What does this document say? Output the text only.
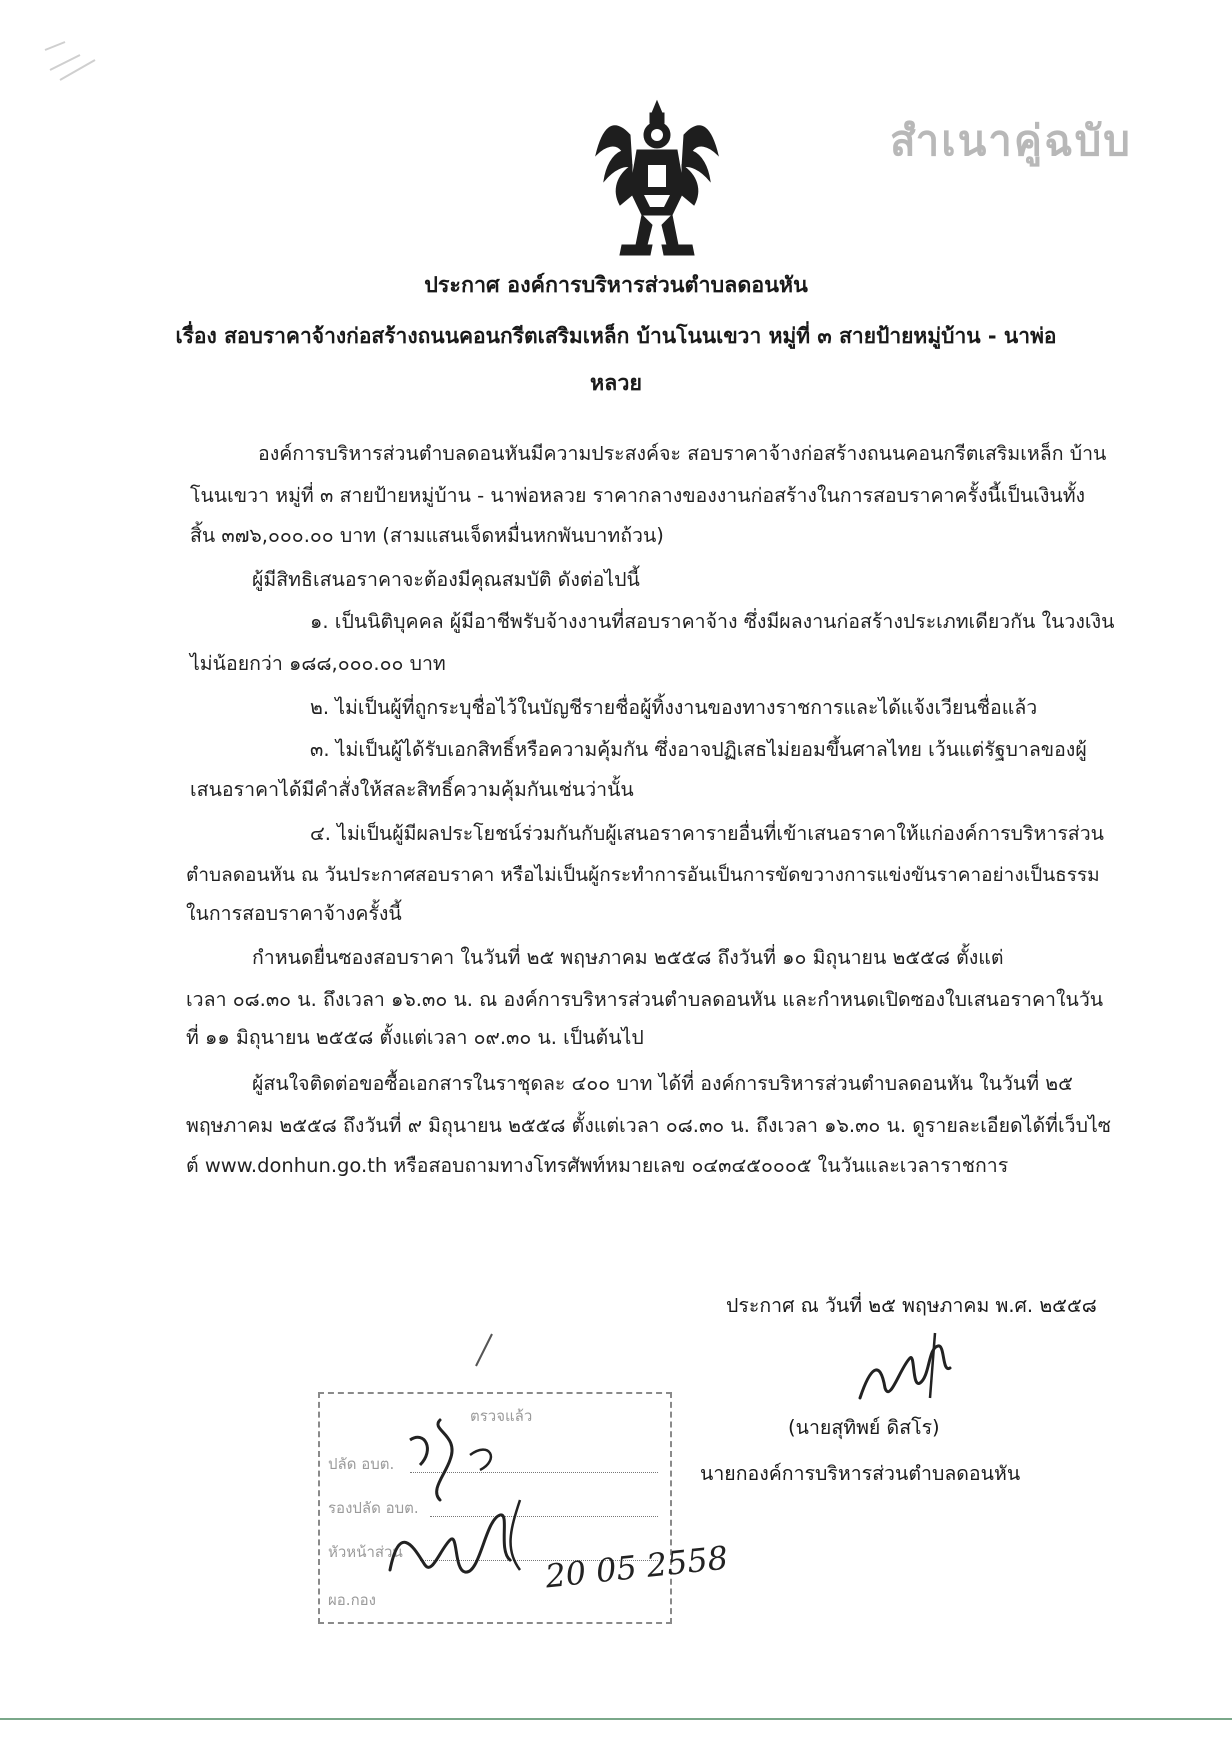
สำเนาคู่ฉบับ
ประกาศ องค์การบริหารส่วนตำบลดอนหัน
เรื่อง สอบราคาจ้างก่อสร้างถนนคอนกรีตเสริมเหล็ก บ้านโนนเขวา หมู่ที่ ๓ สายป้ายหมู่บ้าน - นาพ่อ
หลวย
องค์การบริหารส่วนตำบลดอนหันมีความประสงค์จะ สอบราคาจ้างก่อสร้างถนนคอนกรีตเสริมเหล็ก บ้าน
โนนเขวา หมู่ที่ ๓ สายป้ายหมู่บ้าน - นาพ่อหลวย ราคากลางของงานก่อสร้างในการสอบราคาครั้งนี้เป็นเงินทั้ง
สิ้น ๓๗๖,๐๐๐.๐๐ บาท (สามแสนเจ็ดหมื่นหกพันบาทถ้วน)
ผู้มีสิทธิเสนอราคาจะต้องมีคุณสมบัติ ดังต่อไปนี้
๑. เป็นนิติบุคคล ผู้มีอาชีพรับจ้างงานที่สอบราคาจ้าง ซึ่งมีผลงานก่อสร้างประเภทเดียวกัน ในวงเงิน
ไม่น้อยกว่า ๑๘๘,๐๐๐.๐๐ บาท
๒. ไม่เป็นผู้ที่ถูกระบุชื่อไว้ในบัญชีรายชื่อผู้ทิ้งงานของทางราชการและได้แจ้งเวียนชื่อแล้ว
๓. ไม่เป็นผู้ได้รับเอกสิทธิ์หรือความคุ้มกัน ซึ่งอาจปฏิเสธไม่ยอมขึ้นศาลไทย เว้นแต่รัฐบาลของผู้
เสนอราคาได้มีคำสั่งให้สละสิทธิ์ความคุ้มกันเช่นว่านั้น
๔. ไม่เป็นผู้มีผลประโยชน์ร่วมกันกับผู้เสนอราคารายอื่นที่เข้าเสนอราคาให้แก่องค์การบริหารส่วน
ตำบลดอนหัน ณ วันประกาศสอบราคา หรือไม่เป็นผู้กระทำการอันเป็นการขัดขวางการแข่งขันราคาอย่างเป็นธรรม
ในการสอบราคาจ้างครั้งนี้
กำหนดยื่นซองสอบราคา ในวันที่ ๒๕ พฤษภาคม ๒๕๕๘ ถึงวันที่ ๑๐ มิถุนายน ๒๕๕๘ ตั้งแต่
เวลา ๐๘.๓๐ น. ถึงเวลา ๑๖.๓๐ น. ณ องค์การบริหารส่วนตำบลดอนหัน และกำหนดเปิดซองใบเสนอราคาในวัน
ที่ ๑๑ มิถุนายน ๒๕๕๘ ตั้งแต่เวลา ๐๙.๓๐ น. เป็นต้นไป
ผู้สนใจติดต่อขอซื้อเอกสารในราชุดละ ๔๐๐ บาท ได้ที่ องค์การบริหารส่วนตำบลดอนหัน ในวันที่ ๒๕
พฤษภาคม ๒๕๕๘ ถึงวันที่ ๙ มิถุนายน ๒๕๕๘ ตั้งแต่เวลา ๐๘.๓๐ น. ถึงเวลา ๑๖.๓๐ น. ดูรายละเอียดได้ที่เว็บไซ
ต์ www.donhun.go.th หรือสอบถามทางโทรศัพท์หมายเลข ๐๔๓๔๕๐๐๐๕ ในวันและเวลาราชการ
ประกาศ ณ วันที่ ๒๕ พฤษภาคม พ.ศ. ๒๕๕๘
(นายสุทิพย์ ดิสโร)
นายกองค์การบริหารส่วนตำบลดอนหัน
ตรวจแล้ว
ปลัด อบต.
รองปลัด อบต.
หัวหน้าส่วน
ผอ.กอง
20 05 2558
